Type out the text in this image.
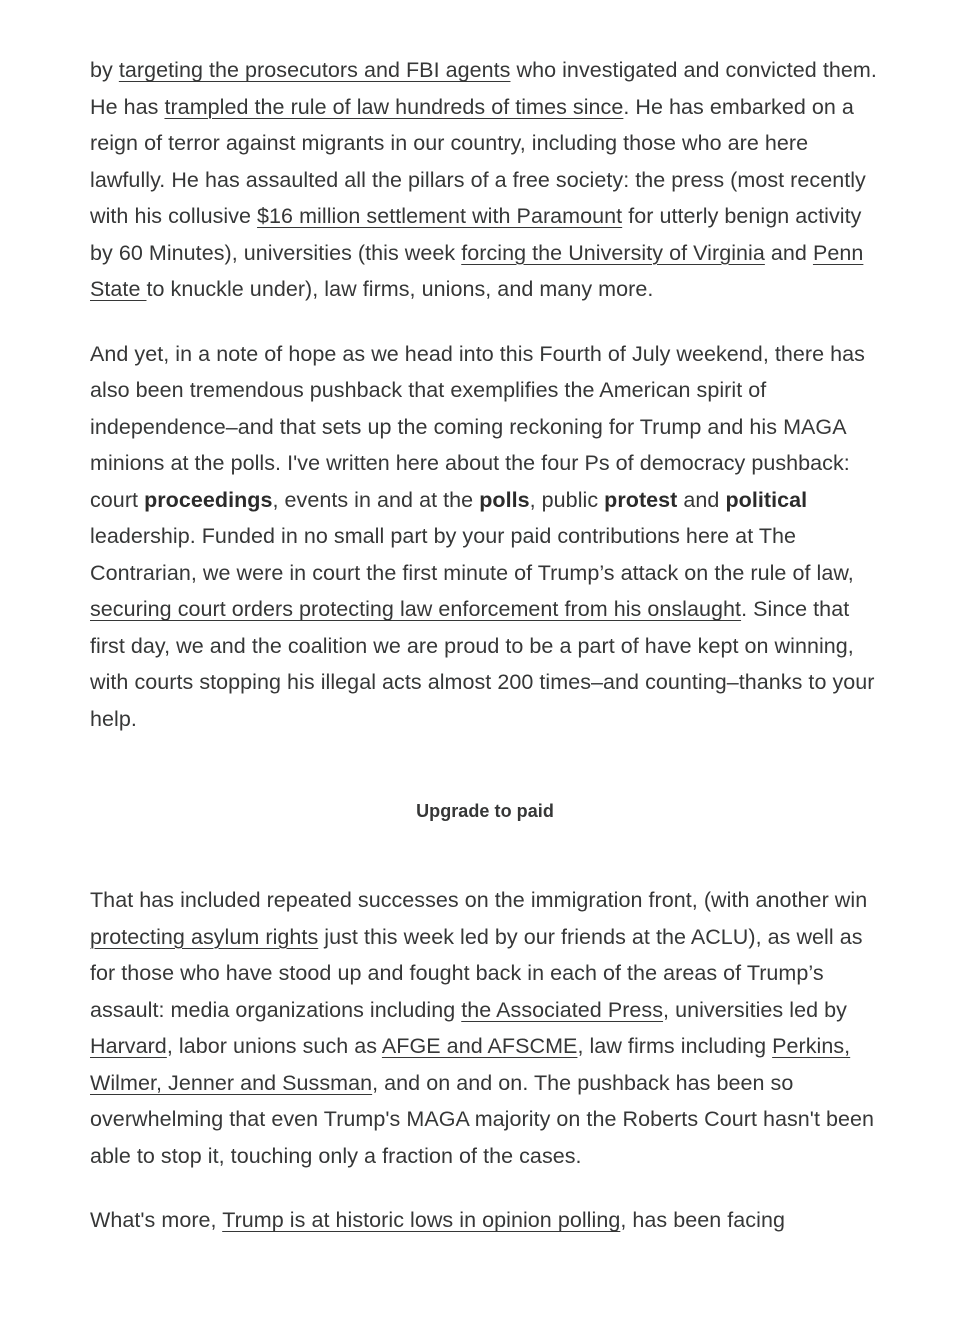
by targeting the prosecutors and FBI agents who investigated and convicted them. He has trampled the rule of law hundreds of times since. He has embarked on a reign of terror against migrants in our country, including those who are here lawfully. He has assaulted all the pillars of a free society: the press (most recently with his collusive $16 million settlement with Paramount for utterly benign activity by 60 Minutes), universities (this week forcing the University of Virginia and Penn State to knuckle under), law firms, unions, and many more.

And yet, in a note of hope as we head into this Fourth of July weekend, there has also been tremendous pushback that exemplifies the American spirit of independence–and that sets up the coming reckoning for Trump and his MAGA minions at the polls. I've written here about the four Ps of democracy pushback: court proceedings, events in and at the polls, public protest and political leadership. Funded in no small part by your paid contributions here at The Contrarian, we were in court the first minute of Trump’s attack on the rule of law, securing court orders protecting law enforcement from his onslaught. Since that first day, we and the coalition we are proud to be a part of have kept on winning, with courts stopping his illegal acts almost 200 times–and counting–thanks to your help.

Upgrade to paid

That has included repeated successes on the immigration front, (with another win protecting asylum rights just this week led by our friends at the ACLU), as well as for those who have stood up and fought back in each of the areas of Trump’s assault: media organizations including the Associated Press, universities led by Harvard, labor unions such as AFGE and AFSCME, law firms including Perkins, Wilmer, Jenner and Sussman, and on and on. The pushback has been so overwhelming that even Trump's MAGA majority on the Roberts Court hasn't been able to stop it, touching only a fraction of the cases.

What's more, Trump is at historic lows in opinion polling, has been facing
